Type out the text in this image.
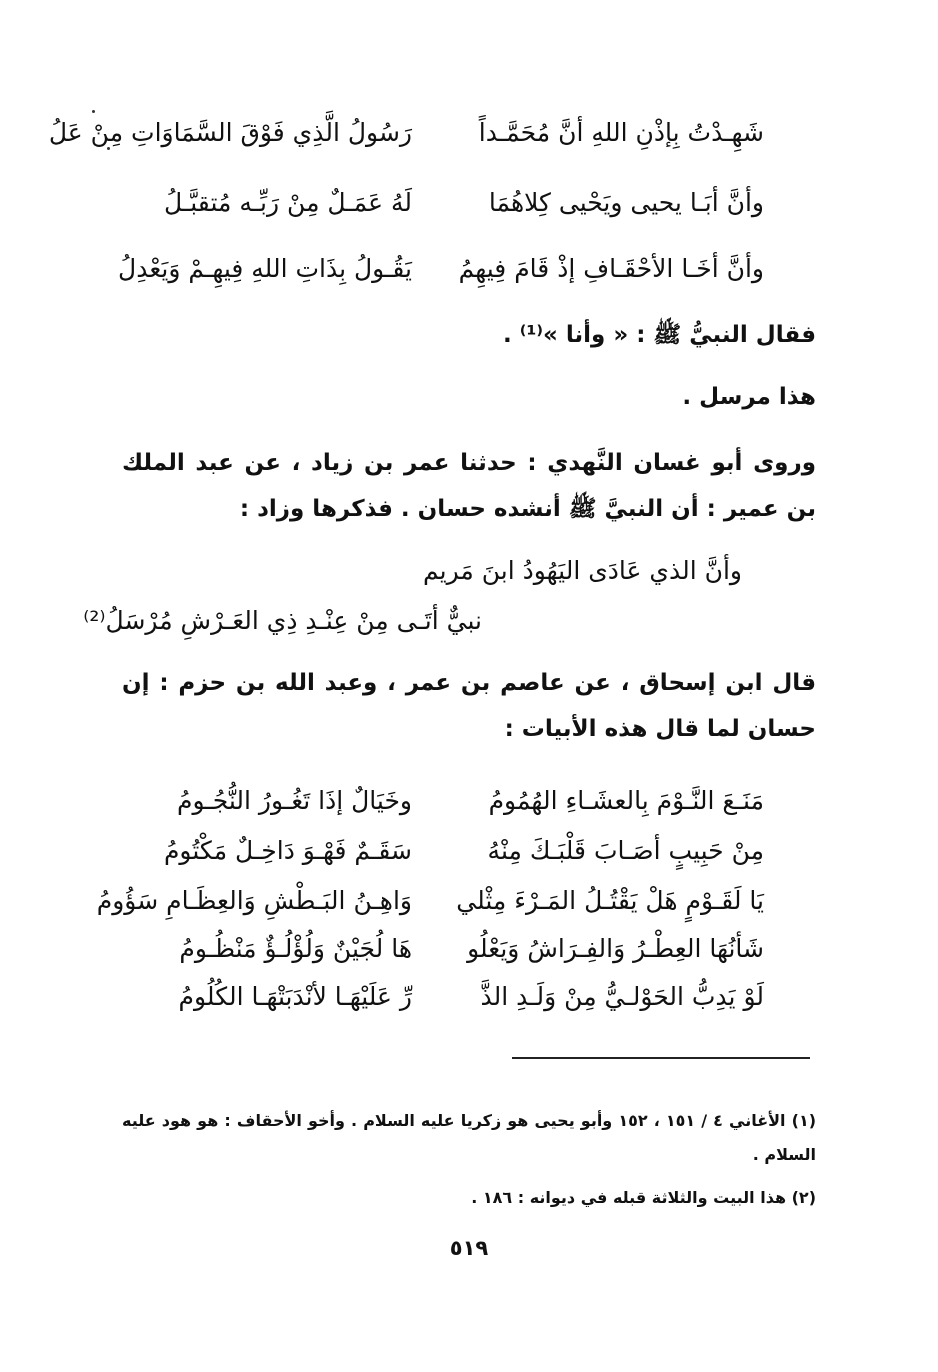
شَهِـدْتُ بِإذْنِ اللهِ أنَّ مُحَمَّـداً
رَسُولُ الَّذِي فَوْقَ السَّمَاوَاتِ مِنْ عَلُ
وأنَّ أبَـا يحيى ويَحْيى كِلاهُمَا
لَهُ عَمَـلٌ مِنْ رَبِّـه مُتقبَّـلُ
وأنَّ أخَـا الأحْقَـافِ إذْ قَامَ فِيهِمُ
يَقُـولُ بِذَاتِ اللهِ فِيهِـمْ وَيَعْدِلُ
فقال النبيُّ ﷺ : « وأنا »⁽¹⁾ .
هذا مرسل .
وروى أبو غسان النَّهدي : حدثنا عمر بن زياد ، عن عبد الملك بن عمير : أن النبيَّ ﷺ أنشده حسان . فذكرها وزاد :
وأنَّ الذي عَادَى اليَهُودُ ابنَ مَريم
نبيٌّ أتَـى مِنْ عِنْـدِ ذِي العَـرْشِ مُرْسَلُ⁽²⁾
قال ابن إسحاق ، عن عاصم بن عمر ، وعبد الله بن حزم : إن حسان لما قال هذه الأبيات :
مَنَـعَ النَّـوْمَ بِالعشَـاءِ الهُمُومُ
وخَيَالٌ إذَا تَغُـورُ النُّجُـومُ
مِنْ حَبِيبٍ أصَـابَ قَلْبَـكَ مِنْهُ
سَقَـمٌ فَهْـوَ دَاخِـلٌ مَكْتُومُ
يَا لَقَـوْمٍ هَلْ يَقْتُـلُ المَـرْءَ مِثْلي
وَاهِـنُ البَـطْشِ وَالعِظَـامِ سَؤُومُ
شَأنُهَا العِطْـرُ وَالفِـرَاشُ وَيَعْلُو
هَا لُجَيْنٌ وَلُؤْلُـؤٌ مَنْظُـومُ
لَوْ يَدِبُّ الحَوْلـيُّ مِنْ وَلَـدِ الذَّ
رِّ عَلَيْهَـا لأنْدَبَتْهَـا الكُلُومُ
(١) الأغاني ٤ / ١٥١ ، ١٥٢ وأبو يحيى هو زكريا عليه السلام . وأخو الأحقاف : هو هود عليه السلام .
(٢) هذا البيت والثلاثة قبله في ديوانه : ١٨٦ .
٥١٩
